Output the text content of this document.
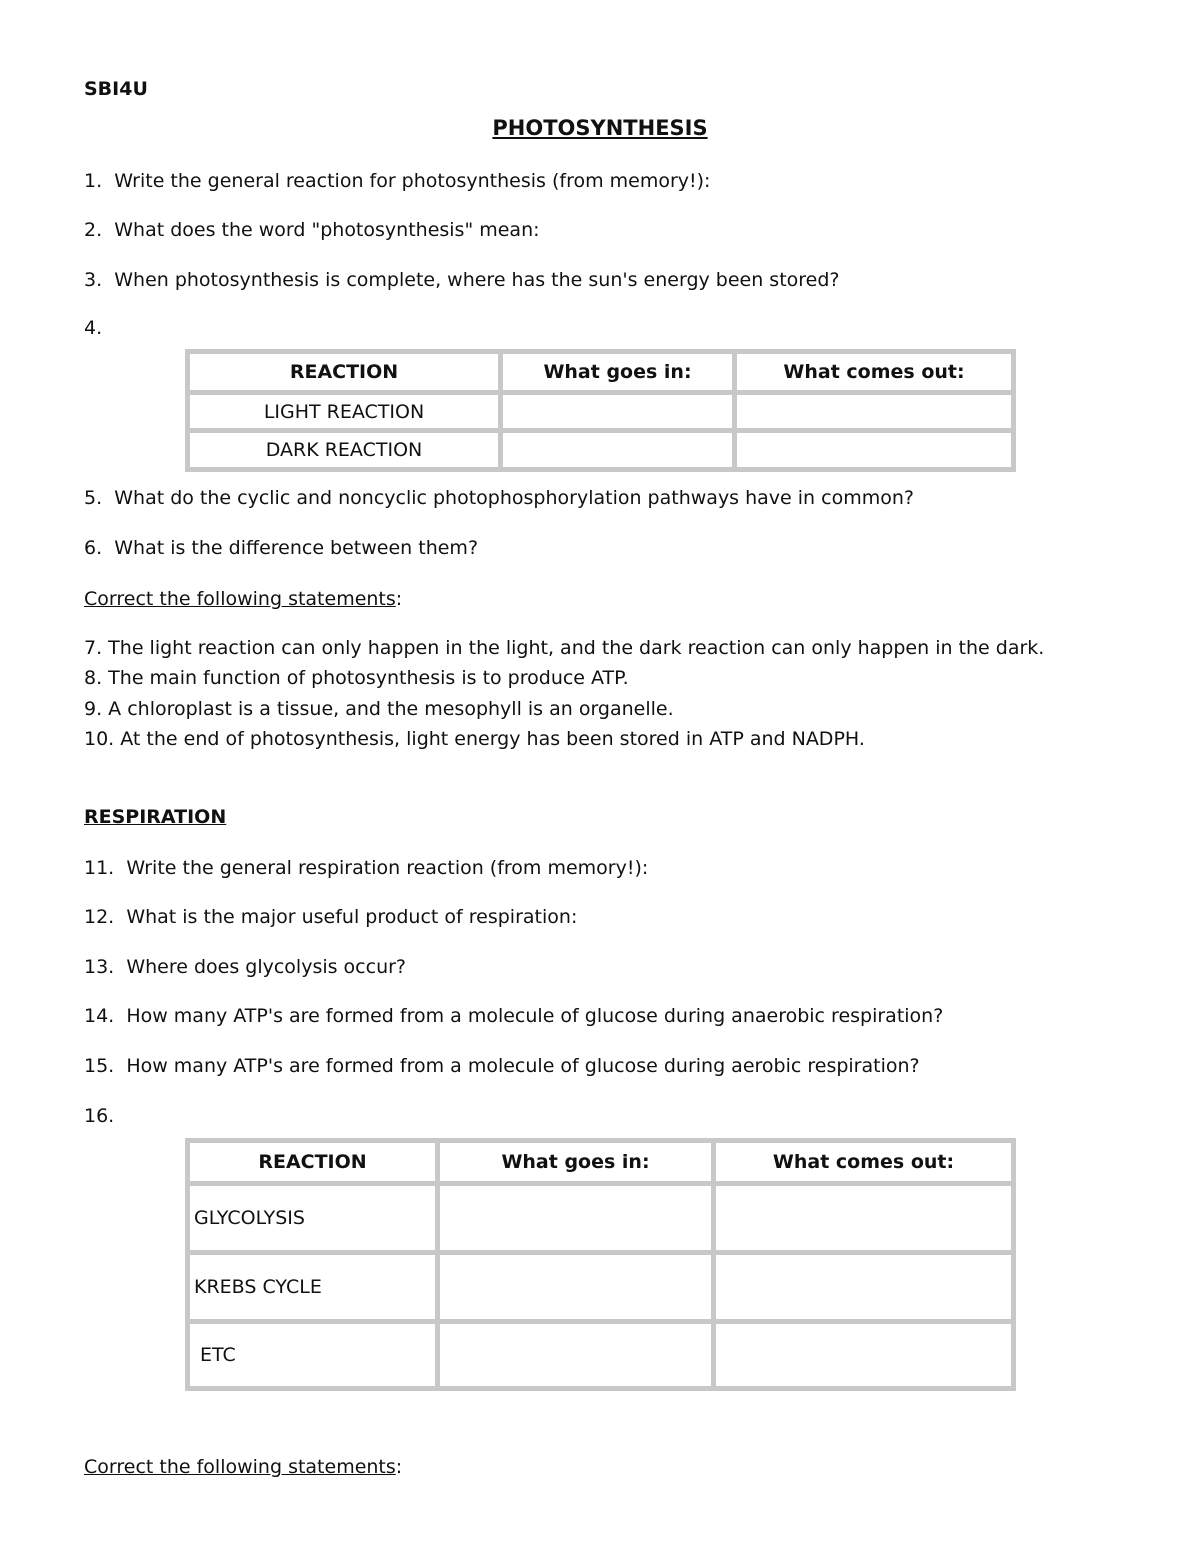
SBI4U
PHOTOSYNTHESIS
1. Write the general reaction for photosynthesis (from memory!):
2. What does the word "photosynthesis" mean:
3. When photosynthesis is complete, where has the sun's energy been stored?
4.
REACTION	What goes in:	What comes out:
LIGHT REACTION		
DARK REACTION		
5. What do the cyclic and noncyclic photophosphorylation pathways have in common?
6. What is the difference between them?
Correct the following statements:
7. The light reaction can only happen in the light, and the dark reaction can only happen in the dark.
8. The main function of photosynthesis is to produce ATP.
9. A chloroplast is a tissue, and the mesophyll is an organelle.
10. At the end of photosynthesis, light energy has been stored in ATP and NADPH.
RESPIRATION
11. Write the general respiration reaction (from memory!):
12. What is the major useful product of respiration:
13. Where does glycolysis occur?
14. How many ATP's are formed from a molecule of glucose during anaerobic respiration?
15. How many ATP's are formed from a molecule of glucose during aerobic respiration?
16.
REACTION	What goes in:	What comes out:
GLYCOLYSIS		
KREBS CYCLE		
ETC		
Correct the following statements:
